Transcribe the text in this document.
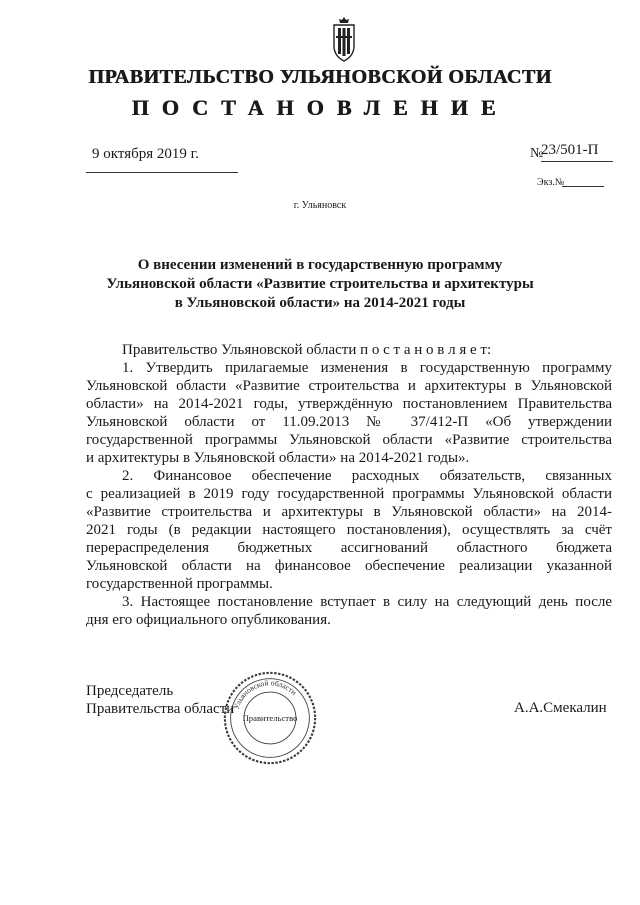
ПРАВИТЕЛЬСТВО УЛЬЯНОВСКОЙ ОБЛАСТИ
ПОСТАНОВЛЕНИЕ
9 октября 2019 г.	№
23/501-П
Экз.№
г. Ульяновск
О внесении изменений в государственную программу
Ульяновской области «Развитие строительства и архитектуры
в Ульяновской области» на 2014-2021 годы
Правительство Ульяновской области п о с т а н о в л я е т:
1. Утвердить прилагаемые изменения в государственную программу
Ульяновской области «Развитие строительства и архитектуры в Ульяновской
области» на 2014-2021 годы, утверждённую постановлением Правительства
Ульяновской области от 11.09.2013 № 37/412-П «Об утверждении
государственной программы Ульяновской области «Развитие строительства
и архитектуры в Ульяновской области» на 2014-2021 годы».
2. Финансовое обеспечение расходных обязательств, связанных
с реализацией в 2019 году государственной программы Ульяновской области
«Развитие строительства и архитектуры в Ульяновской области» на 2014-
2021 годы (в редакции настоящего постановления), осуществлять за счёт
перераспределения бюджетных ассигнований областного бюджета
Ульяновской области на финансовое обеспечение реализации указанной
государственной программы.
3. Настоящее постановление вступает в силу на следующий день после
дня его официального опубликования.
Председатель
Правительства области	А.А.Смекалин
Ульяновской области
Правительство
